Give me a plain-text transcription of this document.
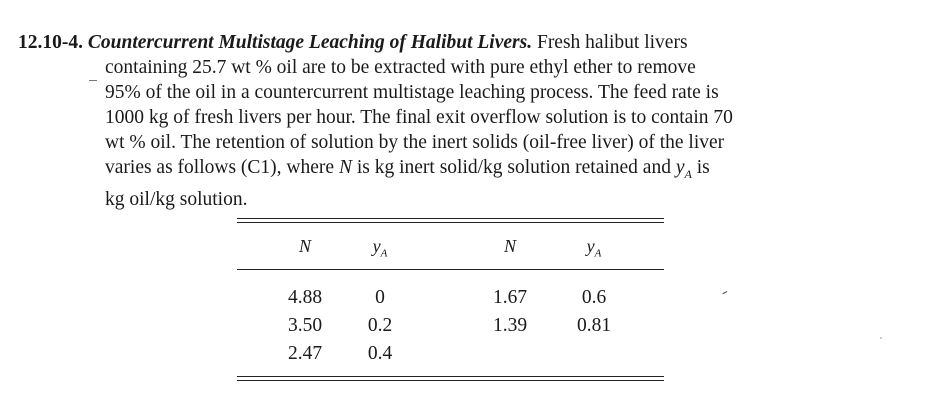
12.10-4. Countercurrent Multistage Leaching of Halibut Livers. Fresh halibut livers
containing 25.7 wt % oil are to be extracted with pure ethyl ether to remove
95% of the oil in a countercurrent multistage leaching process. The feed rate is
1000 kg of fresh livers per hour. The final exit overflow solution is to contain 70
wt % oil. The retention of solution by the inert solids (oil-free liver) of the liver
varies as follows (C1), where N is kg inert solid/kg solution retained and $y_A$ is
kg oil/kg solution.
N	$y_A$	N	$y_A$
4.88	0	1.67	0.6
3.50	0.2	1.39	0.81
2.47	0.4
